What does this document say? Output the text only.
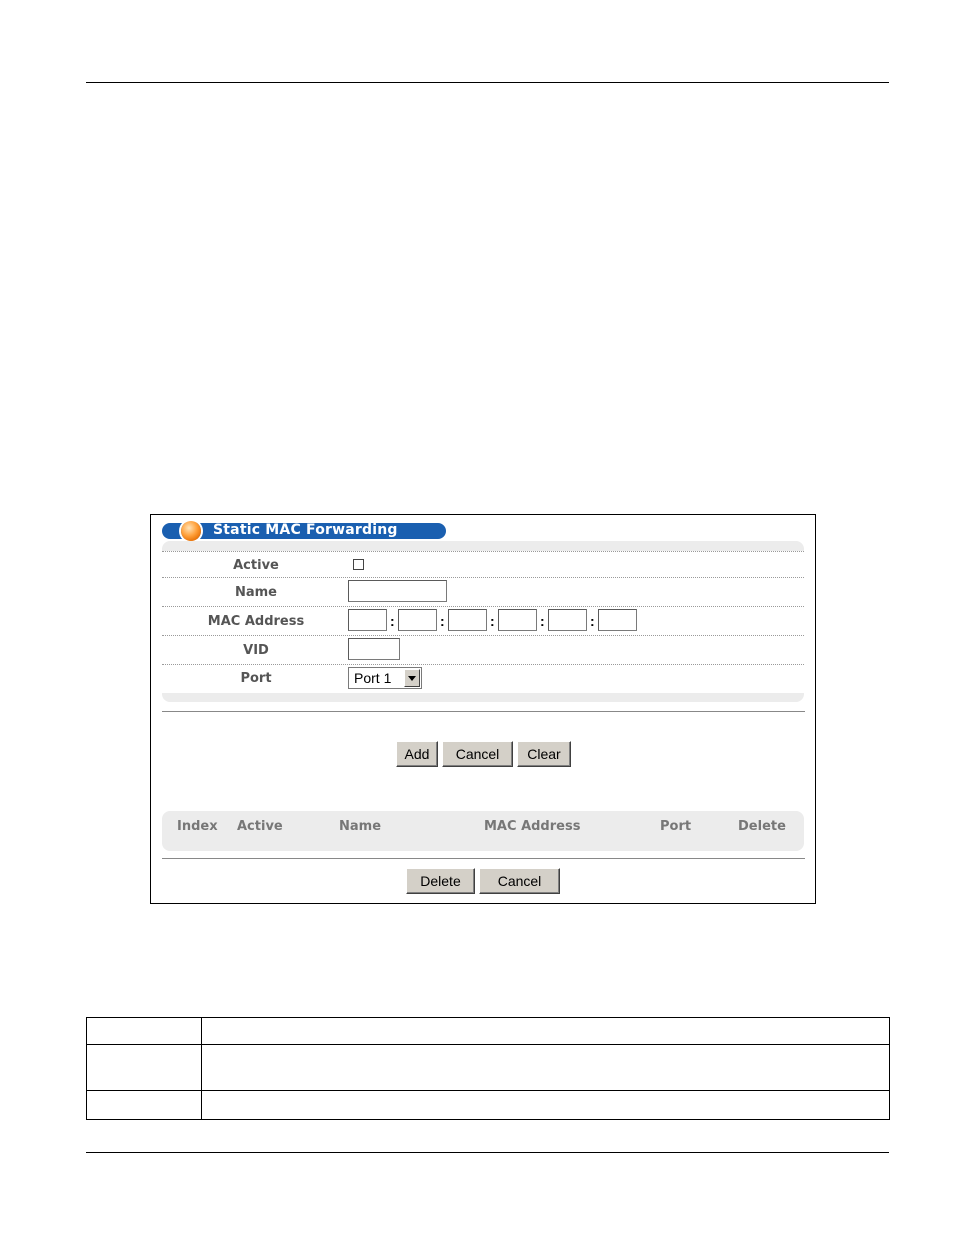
Static MAC Forwarding
Active
Name
MAC Address	:	:	:	:	:
VID
Port	Port 1
Add	Cancel	Clear
Index Active	Name	MAC Address	Port	Delete
Delete	Cancel
